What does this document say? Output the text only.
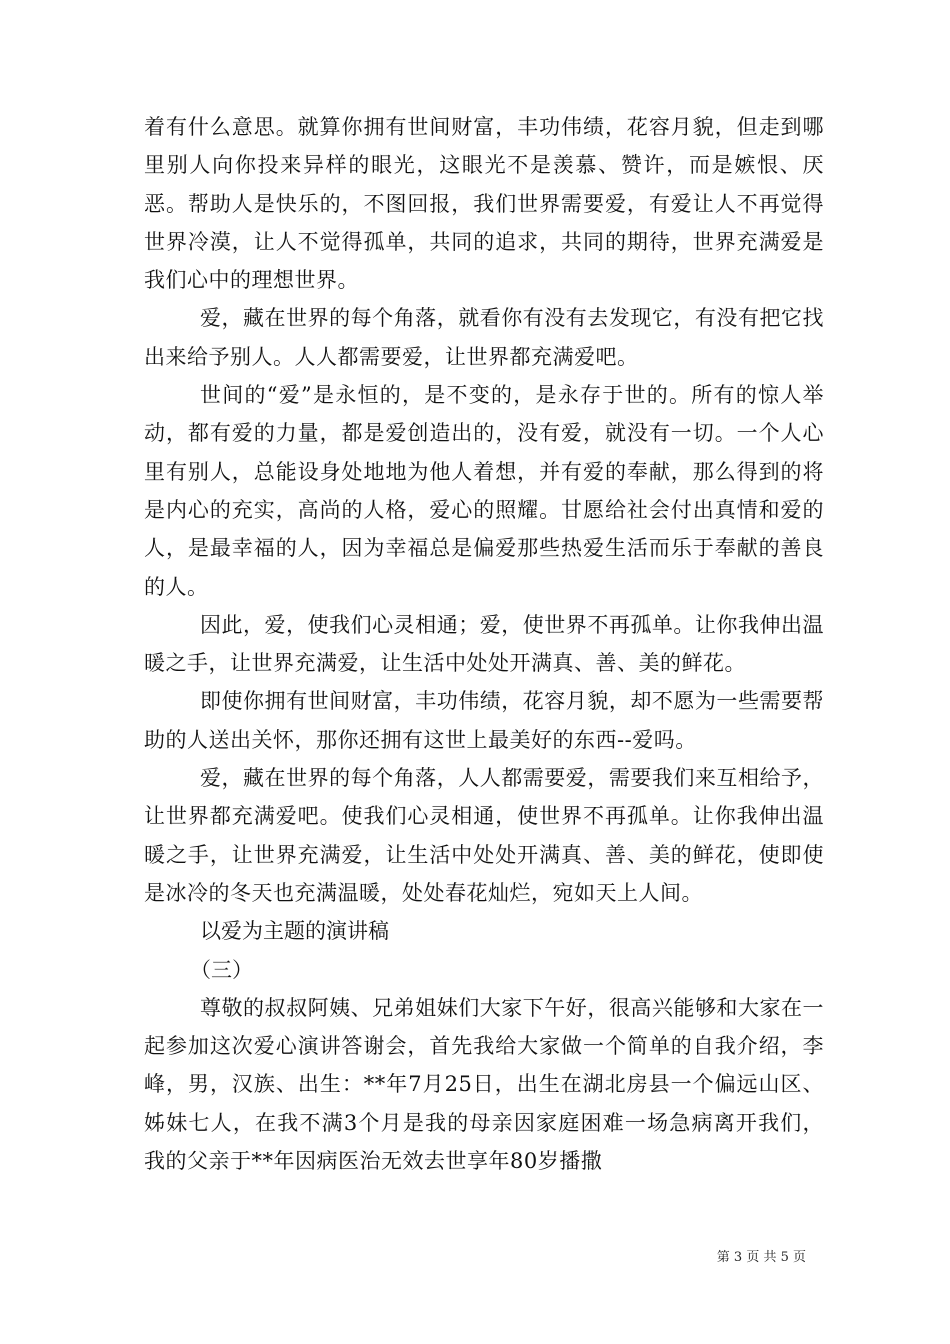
着有什么意思。就算你拥有世间财富，丰功伟绩，花容月貌，但走到哪里别人向你投来异样的眼光，这眼光不是羡慕、赞许，而是嫉恨、厌恶。帮助人是快乐的，不图回报，我们世界需要爱，有爱让人不再觉得世界冷漠，让人不觉得孤单，共同的追求，共同的期待，世界充满爱是我们心中的理想世界。

爱，藏在世界的每个角落，就看你有没有去发现它，有没有把它找出来给予别人。人人都需要爱，让世界都充满爱吧。

世间的“爱”是永恒的，是不变的，是永存于世的。所有的惊人举动，都有爱的力量，都是爱创造出的，没有爱，就没有一切。一个人心里有别人，总能设身处地地为他人着想，并有爱的奉献，那么得到的将是内心的充实，高尚的人格，爱心的照耀。甘愿给社会付出真情和爱的人，是最幸福的人，因为幸福总是偏爱那些热爱生活而乐于奉献的善良的人。

因此，爱，使我们心灵相通；爱，使世界不再孤单。让你我伸出温暖之手，让世界充满爱，让生活中处处开满真、善、美的鲜花。

即使你拥有世间财富，丰功伟绩，花容月貌，却不愿为一些需要帮助的人送出关怀，那你还拥有这世上最美好的东西--爱吗。

爱，藏在世界的每个角落，人人都需要爱，需要我们来互相给予，让世界都充满爱吧。使我们心灵相通，使世界不再孤单。让你我伸出温暖之手，让世界充满爱，让生活中处处开满真、善、美的鲜花，使即使是冰冷的冬天也充满温暖，处处春花灿烂，宛如天上人间。

以爱为主题的演讲稿

（三）

尊敬的叔叔阿姨、兄弟姐妹们大家下午好，很高兴能够和大家在一起参加这次爱心演讲答谢会，首先我给大家做一个简单的自我介绍，李峰，男，汉族、出生：**年7月25日，出生在湖北房县一个偏远山区、姊妹七人，在我不满3个月是我的母亲因家庭困难一场急病离开我们，我的父亲于**年因病医治无效去世享年80岁播撒

第 3 页 共 5 页
